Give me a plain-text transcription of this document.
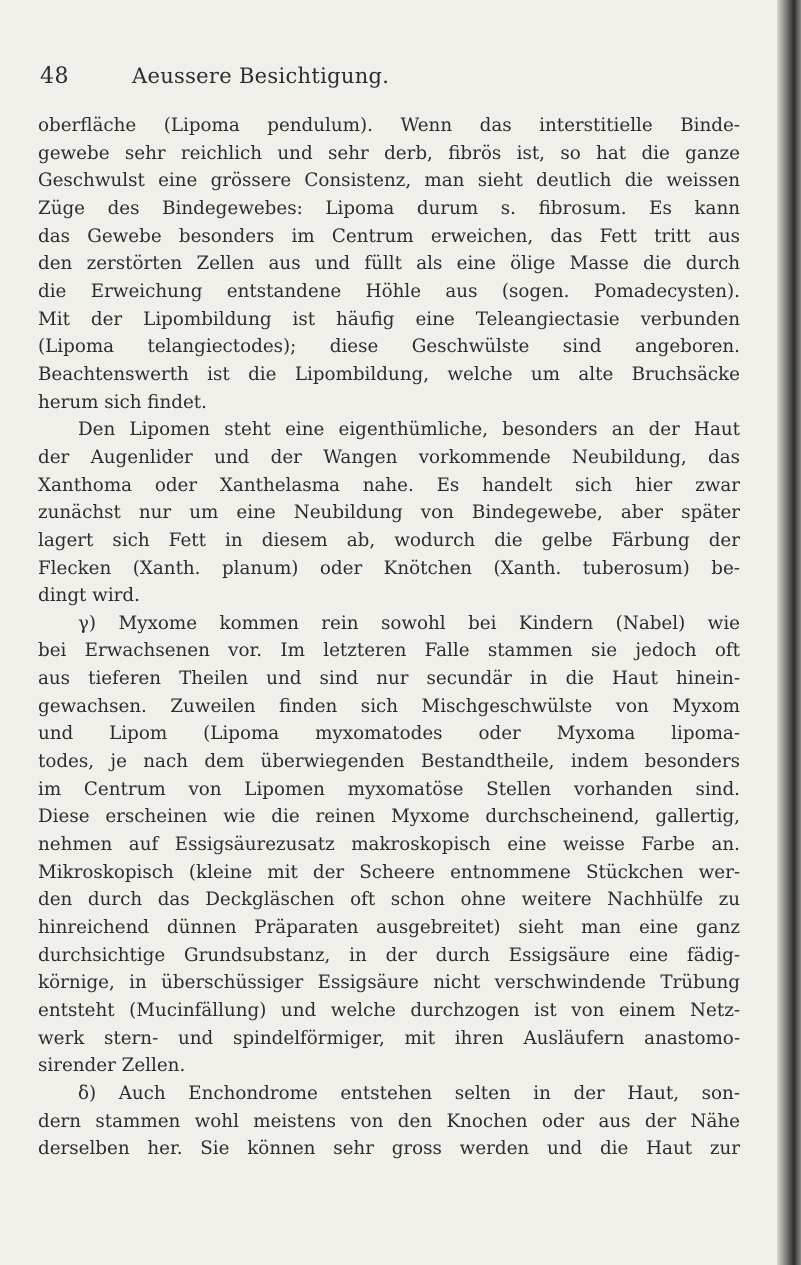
48	Aeussere Besichtigung.
oberfläche (Lipoma pendulum). Wenn das interstitielle Binde-
gewebe sehr reichlich und sehr derb, fibrös ist, so hat die ganze
Geschwulst eine grössere Consistenz, man sieht deutlich die weissen
Züge des Bindegewebes: Lipoma durum s. fibrosum. Es kann
das Gewebe besonders im Centrum erweichen, das Fett tritt aus
den zerstörten Zellen aus und füllt als eine ölige Masse die durch
die Erweichung entstandene Höhle aus (sogen. Pomadecysten).
Mit der Lipombildung ist häufig eine Teleangiectasie verbunden
(Lipoma telangiectodes); diese Geschwülste sind angeboren.
Beachtenswerth ist die Lipombildung, welche um alte Bruchsäcke
herum sich findet.
Den Lipomen steht eine eigenthümliche, besonders an der Haut
der Augenlider und der Wangen vorkommende Neubildung, das
Xanthoma oder Xanthelasma nahe. Es handelt sich hier zwar
zunächst nur um eine Neubildung von Bindegewebe, aber später
lagert sich Fett in diesem ab, wodurch die gelbe Färbung der
Flecken (Xanth. planum) oder Knötchen (Xanth. tuberosum) be-
dingt wird.
γ) Myxome kommen rein sowohl bei Kindern (Nabel) wie
bei Erwachsenen vor. Im letzteren Falle stammen sie jedoch oft
aus tieferen Theilen und sind nur secundär in die Haut hinein-
gewachsen. Zuweilen finden sich Mischgeschwülste von Myxom
und Lipom (Lipoma myxomatodes oder Myxoma lipoma-
todes, je nach dem überwiegenden Bestandtheile, indem besonders
im Centrum von Lipomen myxomatöse Stellen vorhanden sind.
Diese erscheinen wie die reinen Myxome durchscheinend, gallertig,
nehmen auf Essigsäurezusatz makroskopisch eine weisse Farbe an.
Mikroskopisch (kleine mit der Scheere entnommene Stückchen wer-
den durch das Deckgläschen oft schon ohne weitere Nachhülfe zu
hinreichend dünnen Präparaten ausgebreitet) sieht man eine ganz
durchsichtige Grundsubstanz, in der durch Essigsäure eine fädig-
körnige, in überschüssiger Essigsäure nicht verschwindende Trübung
entsteht (Mucinfällung) und welche durchzogen ist von einem Netz-
werk stern- und spindelförmiger, mit ihren Ausläufern anastomo-
sirender Zellen.
δ) Auch Enchondrome entstehen selten in der Haut, son-
dern stammen wohl meistens von den Knochen oder aus der Nähe
derselben her. Sie können sehr gross werden und die Haut zur
